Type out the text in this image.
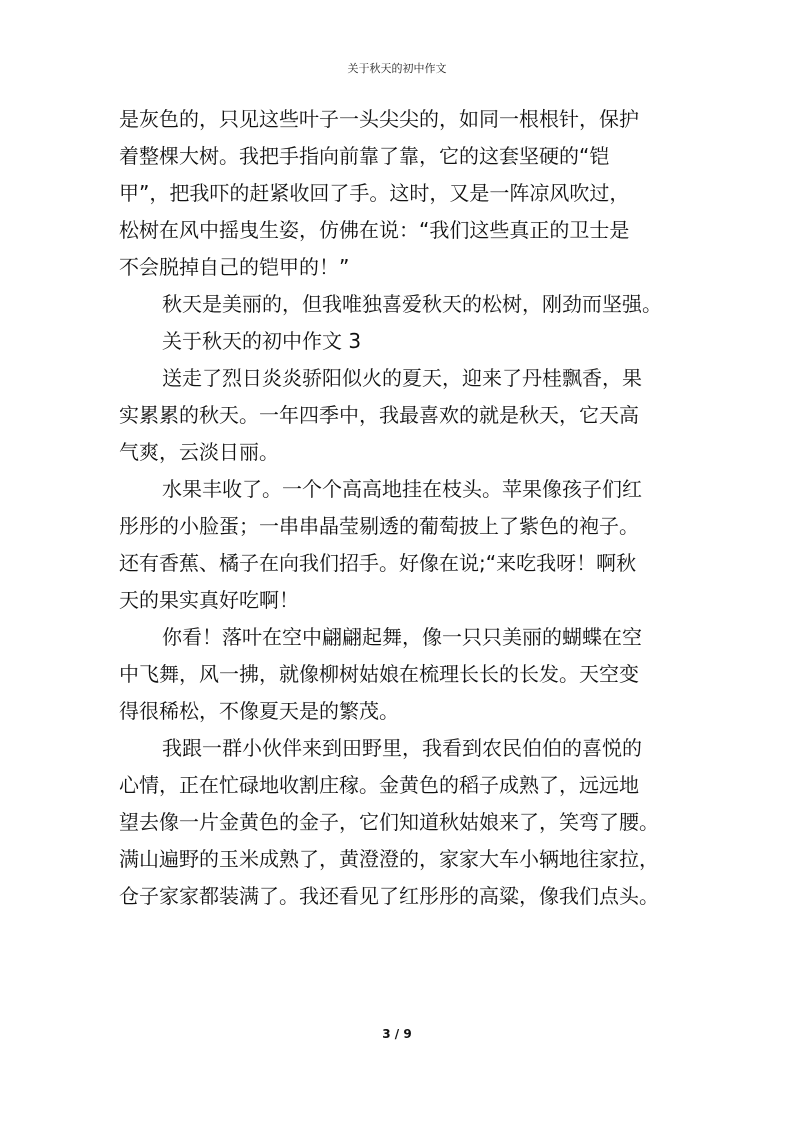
关于秋天的初中作文
是灰色的，只见这些叶子一头尖尖的，如同一根根针，保护
着整棵大树。我把手指向前靠了靠，它的这套坚硬的“铠
甲”，把我吓的赶紧收回了手。这时，又是一阵凉风吹过，
松树在风中摇曳生姿，仿佛在说：“我们这些真正的卫士是
不会脱掉自己的铠甲的！”
秋天是美丽的，但我唯独喜爱秋天的松树，刚劲而坚强。
关于秋天的初中作文 3
送走了烈日炎炎骄阳似火的夏天，迎来了丹桂飘香，果
实累累的秋天。一年四季中，我最喜欢的就是秋天，它天高
气爽，云淡日丽。
水果丰收了。一个个高高地挂在枝头。苹果像孩子们红
彤彤的小脸蛋；一串串晶莹剔透的葡萄披上了紫色的袍子。
还有香蕉、橘子在向我们招手。好像在说;“来吃我呀！啊秋
天的果实真好吃啊！
你看！落叶在空中翩翩起舞，像一只只美丽的蝴蝶在空
中飞舞，风一拂，就像柳树姑娘在梳理长长的长发。天空变
得很稀松，不像夏天是的繁茂。
我跟一群小伙伴来到田野里，我看到农民伯伯的喜悦的
心情，正在忙碌地收割庄稼。金黄色的稻子成熟了，远远地
望去像一片金黄色的金子，它们知道秋姑娘来了，笑弯了腰。
满山遍野的玉米成熟了，黄澄澄的，家家大车小辆地往家拉，
仓子家家都装满了。我还看见了红彤彤的高粱，像我们点头。
3 / 9
